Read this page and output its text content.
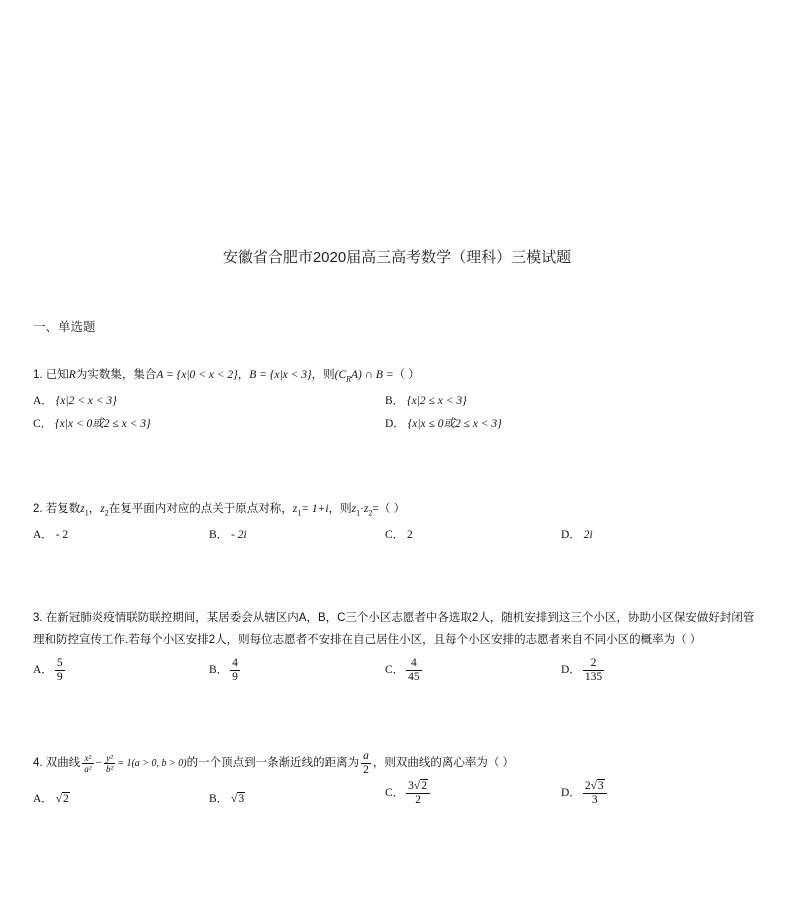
安徽省合肥市2020届高三高考数学（理科）三模试题
一、单选题
1. 已知R为实数集，集合A = {x|0 < x < 2}，B = {x|x < 3}，则$(C_RA)$ ∩ B =（ ）
A． {x|2 < x < 3}	B． {x|2 ≤ x < 3}
C． {x|x < 0或2 ≤ x < 3}	D． {x|x ≤ 0或2 ≤ x < 3}
2. 若复数$z_1$，$z_2$在复平面内对应的点关于原点对称，$z_1= 1+i$，则$z_1\cdot z_2=$（ ）
A． - 2	B． - 2i	C． 2	D． 2i
3. 在新冠肺炎疫情联防联控期间，某居委会从辖区内A，B，C三个小区志愿者中各选取2人，随机安排到这三个小区，协助小区保安做好封闭管
理和防控宣传工作.若每个小区安排2人，则每位志愿者不安排在自己居住小区，且每个小区安排的志愿者来自不同小区的概率为（ ）
A． $\frac{5}{9}$	B． $\frac{4}{9}$	C． $\frac{4}{45}$	D． $\frac{2}{135}$
4. 双曲线 $\frac{\text{x²}}{\text{a²}} - \frac{\text{y²}}{\text{b²}} = 1(a > 0$, b > 0)的一个顶点到一条渐近线的距离为 $\frac{a}{2}$ ，则双曲线的离心率为（ ）
A． √2	B． √3	C． $\frac{3√2}{2}$	D． $\frac{2√3}{3}$
